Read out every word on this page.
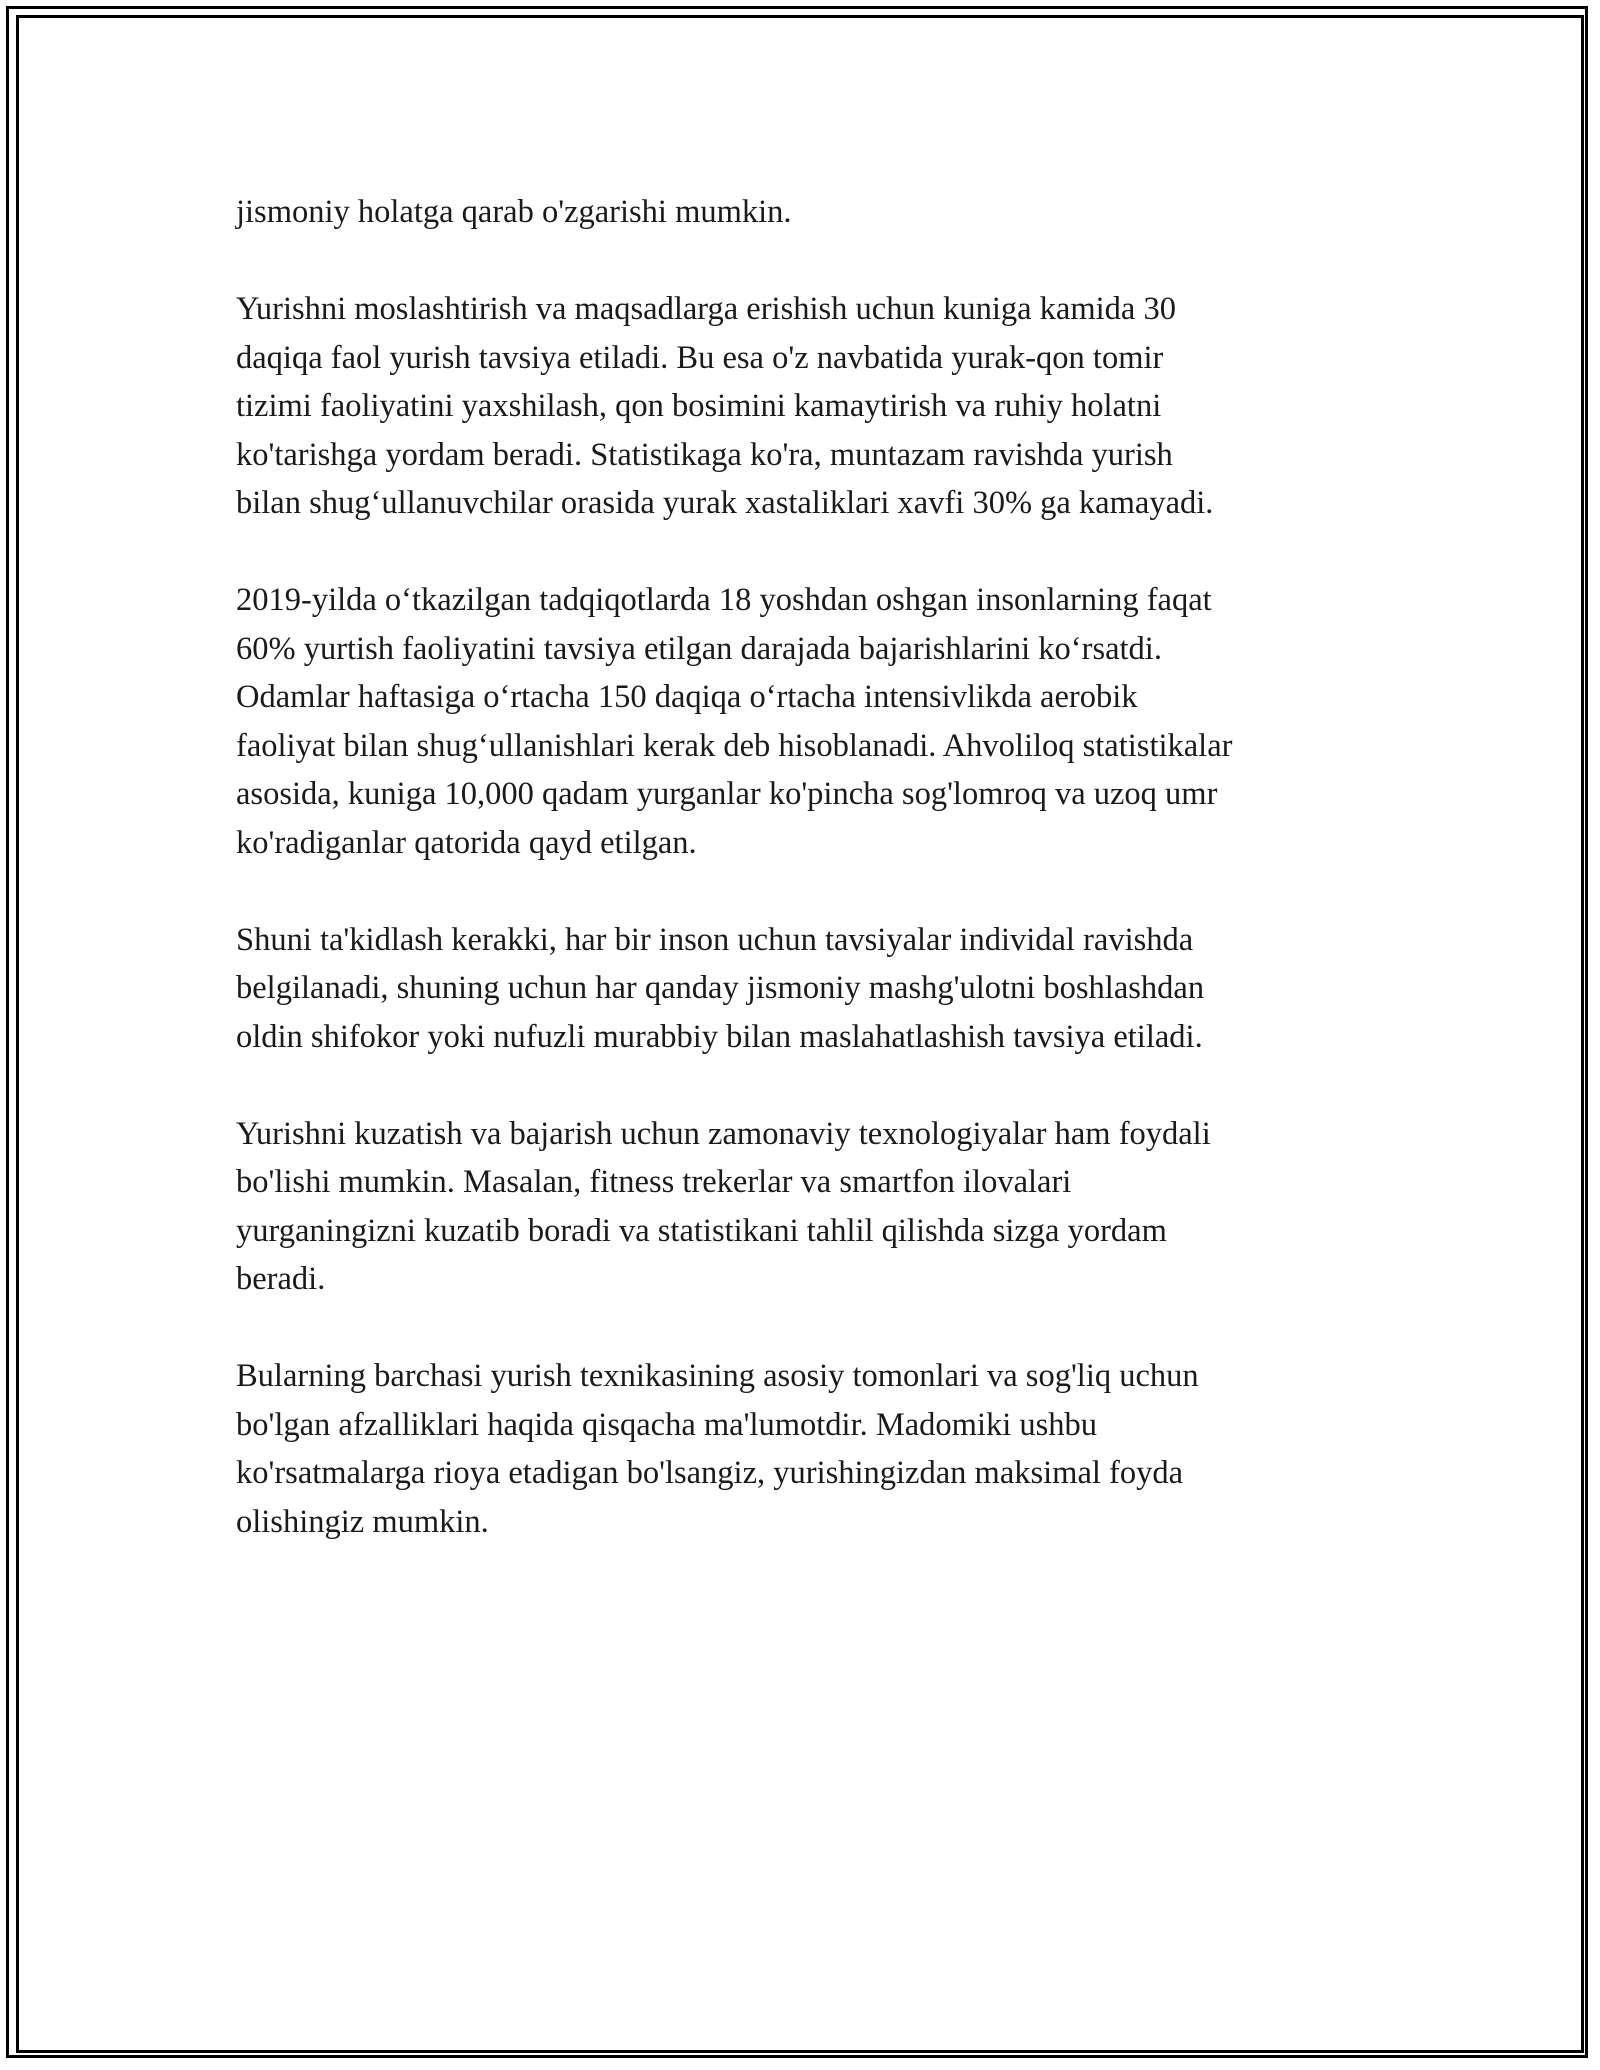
jismoniy holatga qarab o'zgarishi mumkin.

Yurishni moslashtirish va maqsadlarga erishish uchun kuniga kamida 30
daqiqa faol yurish tavsiya etiladi. Bu esa o'z navbatida yurak-qon tomir
tizimi faoliyatini yaxshilash, qon bosimini kamaytirish va ruhiy holatni
ko'tarishga yordam beradi. Statistikaga ko'ra, muntazam ravishda yurish
bilan shug‘ullanuvchilar orasida yurak xastaliklari xavfi 30% ga kamayadi.

2019-yilda o‘tkazilgan tadqiqotlarda 18 yoshdan oshgan insonlarning faqat
60% yurtish faoliyatini tavsiya etilgan darajada bajarishlarini ko‘rsatdi.
Odamlar haftasiga o‘rtacha 150 daqiqa o‘rtacha intensivlikda aerobik
faoliyat bilan shug‘ullanishlari kerak deb hisoblanadi. Ahvoliloq statistikalar
asosida, kuniga 10,000 qadam yurganlar ko'pincha sog'lomroq va uzoq umr
ko'radiganlar qatorida qayd etilgan.

Shuni ta'kidlash kerakki, har bir inson uchun tavsiyalar individal ravishda
belgilanadi, shuning uchun har qanday jismoniy mashg'ulotni boshlashdan
oldin shifokor yoki nufuzli murabbiy bilan maslahatlashish tavsiya etiladi.

Yurishni kuzatish va bajarish uchun zamonaviy texnologiyalar ham foydali
bo'lishi mumkin. Masalan, fitness trekerlar va smartfon ilovalari
yurganingizni kuzatib boradi va statistikani tahlil qilishda sizga yordam
beradi.

Bularning barchasi yurish texnikasining asosiy tomonlari va sog'liq uchun
bo'lgan afzalliklari haqida qisqacha ma'lumotdir. Madomiki ushbu
ko'rsatmalarga rioya etadigan bo'lsangiz, yurishingizdan maksimal foyda
olishingiz mumkin.
